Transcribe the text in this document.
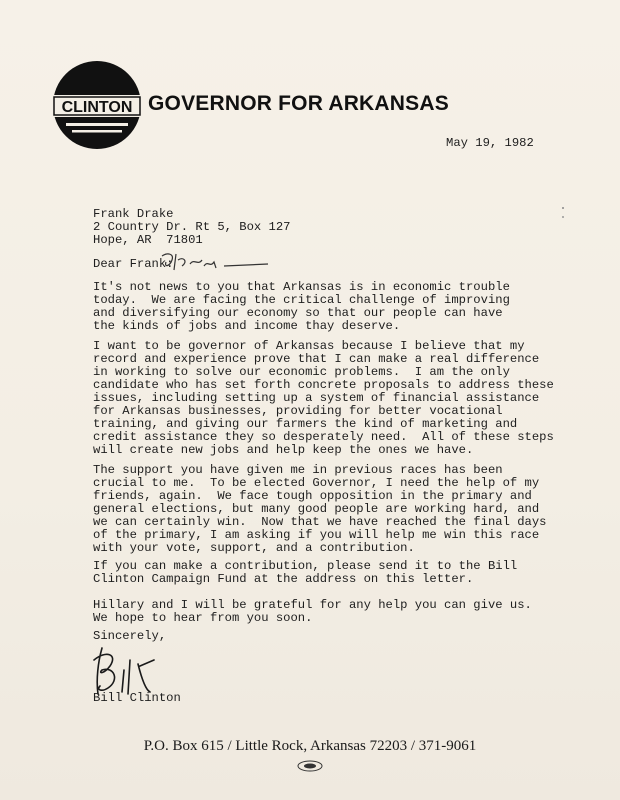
CLINTON GOVERNOR FOR ARKANSAS
May 19, 1982
Frank Drake
2 Country Dr. Rt 5, Box 127
Hope, AR  71801
Dear Frank:
It's not news to you that Arkansas is in economic trouble
today.  We are facing the critical challenge of improving
and diversifying our economy so that our people can have
the kinds of jobs and income thay deserve.
I want to be governor of Arkansas because I believe that my
record and experience prove that I can make a real difference
in working to solve our economic problems.  I am the only
candidate who has set forth concrete proposals to address these
issues, including setting up a system of financial assistance
for Arkansas businesses, providing for better vocational
training, and giving our farmers the kind of marketing and
credit assistance they so desperately need.  All of these steps
will create new jobs and help keep the ones we have.
The support you have given me in previous races has been
crucial to me.  To be elected Governor, I need the help of my
friends, again.  We face tough opposition in the primary and
general elections, but many good people are working hard, and
we can certainly win.  Now that we have reached the final days
of the primary, I am asking if you will help me win this race
with your vote, support, and a contribution.
If you can make a contribution, please send it to the Bill
Clinton Campaign Fund at the address on this letter.
Hillary and I will be grateful for any help you can give us.
We hope to hear from you soon.
Sincerely,
Bill Clinton
P.O. Box 615 / Little Rock, Arkansas 72203 / 371-9061
